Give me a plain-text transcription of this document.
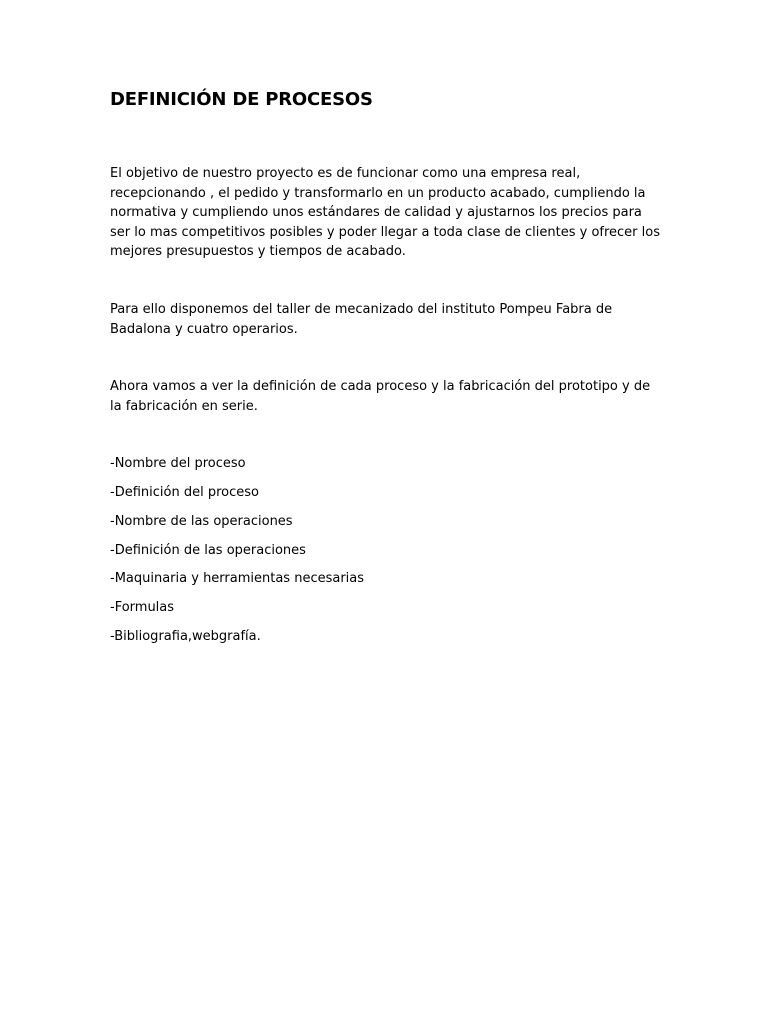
DEFINICIÓN DE PROCESOS

El objetivo de nuestro proyecto es de funcionar como una empresa real, recepcionando , el pedido y transformarlo en un producto acabado, cumpliendo la normativa y cumpliendo unos estándares de calidad y ajustarnos los precios para ser lo mas competitivos posibles y poder llegar a toda clase de clientes y ofrecer los mejores presupuestos y tiempos de acabado.

Para ello disponemos del taller de mecanizado del instituto Pompeu Fabra de Badalona y cuatro operarios.

Ahora vamos a ver la definición de cada proceso y la fabricación del prototipo y de la fabricación en serie.

-Nombre del proceso
-Definición del proceso
-Nombre de las operaciones
-Definición de las operaciones
-Maquinaria y herramientas necesarias
-Formulas
-Bibliografia,webgrafía.
